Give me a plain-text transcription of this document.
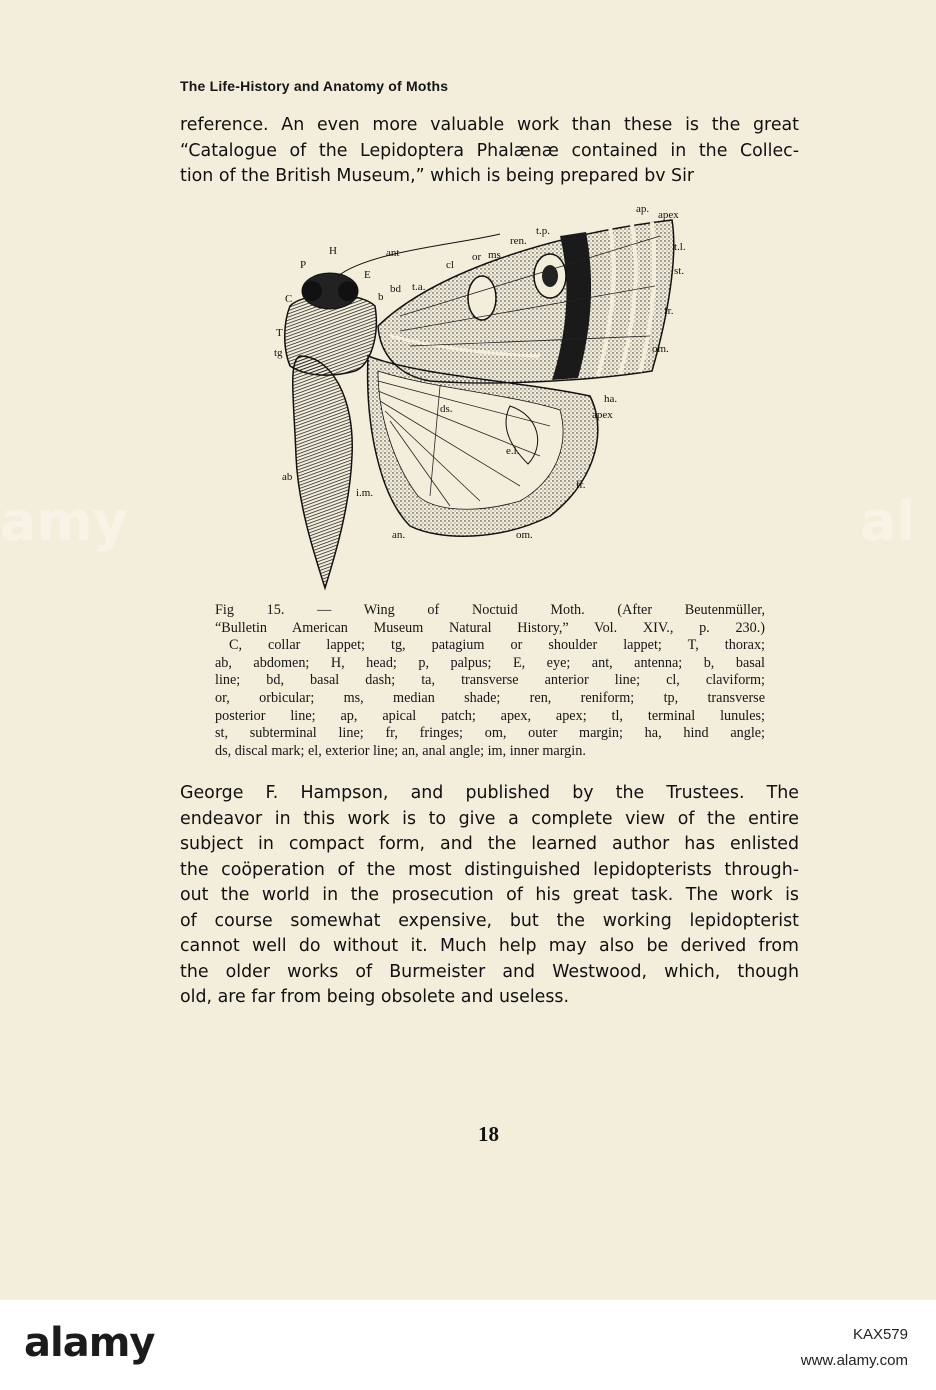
The Life-History and Anatomy of Moths
reference. An even more valuable work than these is the great
“Catalogue of the Lepidoptera Phalænæ contained in the Collec-
tion of the British Museum,” which is being prepared bv Sir
H
P
E
C
T
tg
ant
b
bd t.a.
cl
or ms
ren.
t.p.
ap. apex
t.l.
st.
fr.
om.
ha.
apex
ds.
e.l.
fr.
ab
i.m.
an.	om.
Fig 15. — Wing of Noctuid Moth. (After Beutenmüller,
“Bulletin American Museum Natural History,” Vol. XIV., p. 230.)
C, collar lappet; tg, patagium or shoulder lappet; T, thorax;
ab, abdomen; H, head; p, palpus; E, eye; ant, antenna; b, basal
line; bd, basal dash; ta, transverse anterior line; cl, claviform;
or, orbicular; ms, median shade; ren, reniform; tp, transverse
posterior line; ap, apical patch; apex, apex; tl, terminal lunules;
st, subterminal line; fr, fringes; om, outer margin; ha, hind angle;
ds, discal mark; el, exterior line; an, anal angle; im, inner margin.
George F. Hampson, and published by the Trustees. The
endeavor in this work is to give a complete view of the entire
subject in compact form, and the learned author has enlisted
the coöperation of the most distinguished lepidopterists through-
out the world in the prosecution of his great task. The work is
of course somewhat expensive, but the working lepidopterist
cannot well do without it. Much help may also be derived from
the older works of Burmeister and Westwood, which, though
old, are far from being obsolete and useless.
18
amy	al
alamy	KAX579
www.alamy.com
